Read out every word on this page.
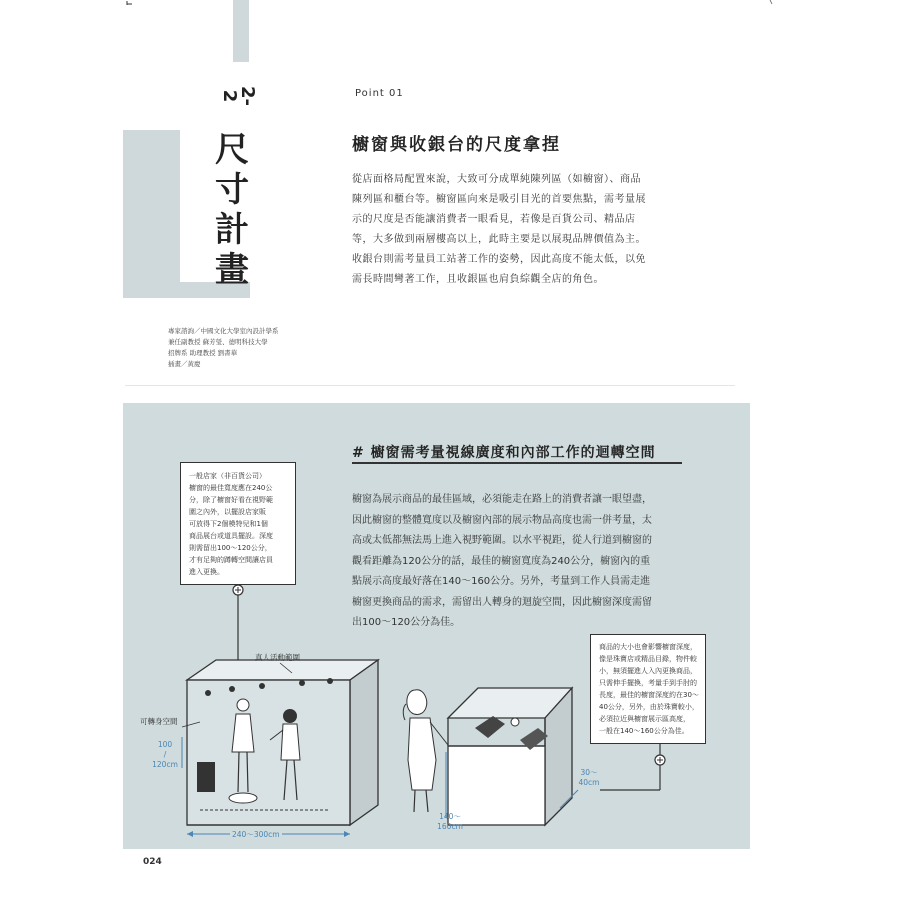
2-2
尺
寸
計
畫
專家諮詢／中國文化大學室內設計學系
兼任副教授 蘇芳瑩、德明科技大學
招牌系 助理教授 劉書華
插畫／黃慶
Point 01
櫥窗與收銀台的尺度拿捏
從店面格局配置來說，大致可分成單純陳列區（如櫥窗）、商品
陳列區和櫃台等。櫥窗區向來是吸引目光的首要焦點，需考量展
示的尺度是否能讓消費者一眼看見，若像是百貨公司、精品店
等，大多做到兩層樓高以上，此時主要是以展現品牌價值為主。
收銀台則需考量員工站著工作的姿勢，因此高度不能太低，以免
需長時間彎著工作，且收銀區也肩負綜觀全店的角色。
# 櫥窗需考量視線廣度和內部工作的迴轉空間
櫥窗為展示商品的最佳區域，必須能走在路上的消費者讓一眼望盡，
因此櫥窗的整體寬度以及櫥窗內部的展示物品高度也需一併考量，太
高或太低都無法馬上進入視野範圍。以水平視距，從人行道到櫥窗的
觀看距離為120公分的話，最佳的櫥窗寬度為240公分，櫥窗內的重
點展示高度最好落在140～160公分。另外，考量到工作人員需走進
櫥窗更換商品的需求，需留出人轉身的迴旋空間，因此櫥窗深度需留
出100～120公分為佳。
一般店家（非百貨公司）
櫥窗的最佳寬度應在240公
分，除了櫥窗好看在視野範
圍之內外，以擺設店家販
可放得下2個模特兒和1個
商品展台或道具擺設。深度
則需留出100～120公分，
才有足夠的蹲轉空間讓店員
進入更換。
商品的大小也會影響櫥窗深度，
像是珠寶店或精品目錄，物件較
小，無須擺進人入內更換商品，
只需伸手擺換，考量手到手肘的
長度，最佳的櫥窗深度約在30～
40公分，另外，由於珠寶較小，
必須拉近與櫥窗展示區高度，
一般在140～160公分為佳。
真人活動範圍
可轉身空間
100
/
120cm
240～300cm
140～
160cm
30～
40cm
024
